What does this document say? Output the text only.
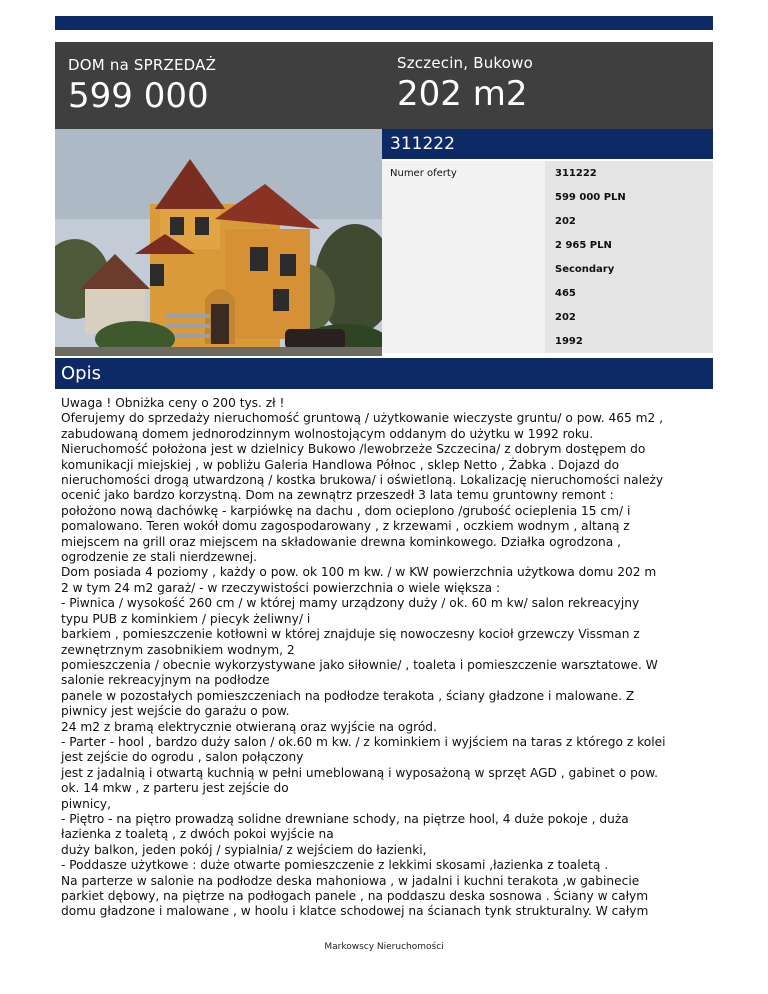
DOM na SPRZEDAŻ
599 000
Szczecin, Bukowo
202 m2
311222
Numer oferty	311222
599 000 PLN
202
2 965 PLN
Secondary
465
202
1992
Opis
Uwaga ! Obniżka ceny o 200 tys. zł !
Oferujemy do sprzedaży nieruchomość gruntową / użytkowanie wieczyste gruntu/ o pow. 465 m2 ,
zabudowaną domem jednorodzinnym wolnostojącym oddanym do użytku w 1992 roku.
Nieruchomość położona jest w dzielnicy Bukowo /lewobrzeże Szczecina/ z dobrym dostępem do
komunikacji miejskiej , w pobliżu Galeria Handlowa Północ , sklep Netto , Żabka . Dojazd do
nieruchomości drogą utwardzoną / kostka brukowa/ i oświetloną. Lokalizację nieruchomości należy
ocenić jako bardzo korzystną. Dom na zewnątrz przeszedł 3 lata temu gruntowny remont :
położono nową dachówkę - karpiówkę na dachu , dom ocieplono /grubość ocieplenia 15 cm/ i
pomalowano. Teren wokół domu zagospodarowany , z krzewami , oczkiem wodnym , altaną z
miejscem na grill oraz miejscem na składowanie drewna kominkowego. Działka ogrodzona ,
ogrodzenie ze stali nierdzewnej.
Dom posiada 4 poziomy , każdy o pow. ok 100 m kw. / w KW powierzchnia użytkowa domu 202 m
2 w tym 24 m2 garaż/ - w rzeczywistości powierzchnia o wiele większa :
- Piwnica / wysokość 260 cm / w której mamy urządzony duży / ok. 60 m kw/ salon rekreacyjny
typu PUB z kominkiem / piecyk żeliwny/ i
barkiem , pomieszczenie kotłowni w której znajduje się nowoczesny kocioł grzewczy Vissman z
zewnętrznym zasobnikiem wodnym, 2
pomieszczenia / obecnie wykorzystywane jako siłownie/ , toaleta i pomieszczenie warsztatowe. W
salonie rekreacyjnym na podłodze
panele w pozostałych pomieszczeniach na podłodze terakota , ściany gładzone i malowane. Z
piwnicy jest wejście do garażu o pow.
24 m2 z bramą elektrycznie otwieraną oraz wyjście na ogród.
- Parter - hool , bardzo duży salon / ok.60 m kw. / z kominkiem i wyjściem na taras z którego z kolei
jest zejście do ogrodu , salon połączony
jest z jadalnią i otwartą kuchnią w pełni umeblowaną i wyposażoną w sprzęt AGD , gabinet o pow.
ok. 14 mkw , z parteru jest zejście do
piwnicy,
- Piętro - na piętro prowadzą solidne drewniane schody, na piętrze hool, 4 duże pokoje , duża
łazienka z toaletą , z dwóch pokoi wyjście na
duży balkon, jeden pokój / sypialnia/ z wejściem do łazienki,
- Poddasze użytkowe : duże otwarte pomieszczenie z lekkimi skosami ,łazienka z toaletą .
Na parterze w salonie na podłodze deska mahoniowa , w jadalni i kuchni terakota ,w gabinecie
parkiet dębowy, na piętrze na podłogach panele , na poddaszu deska sosnowa . Ściany w całym
domu gładzone i malowane , w hoolu i klatce schodowej na ścianach tynk strukturalny. W całym
Markowscy Nieruchomości
